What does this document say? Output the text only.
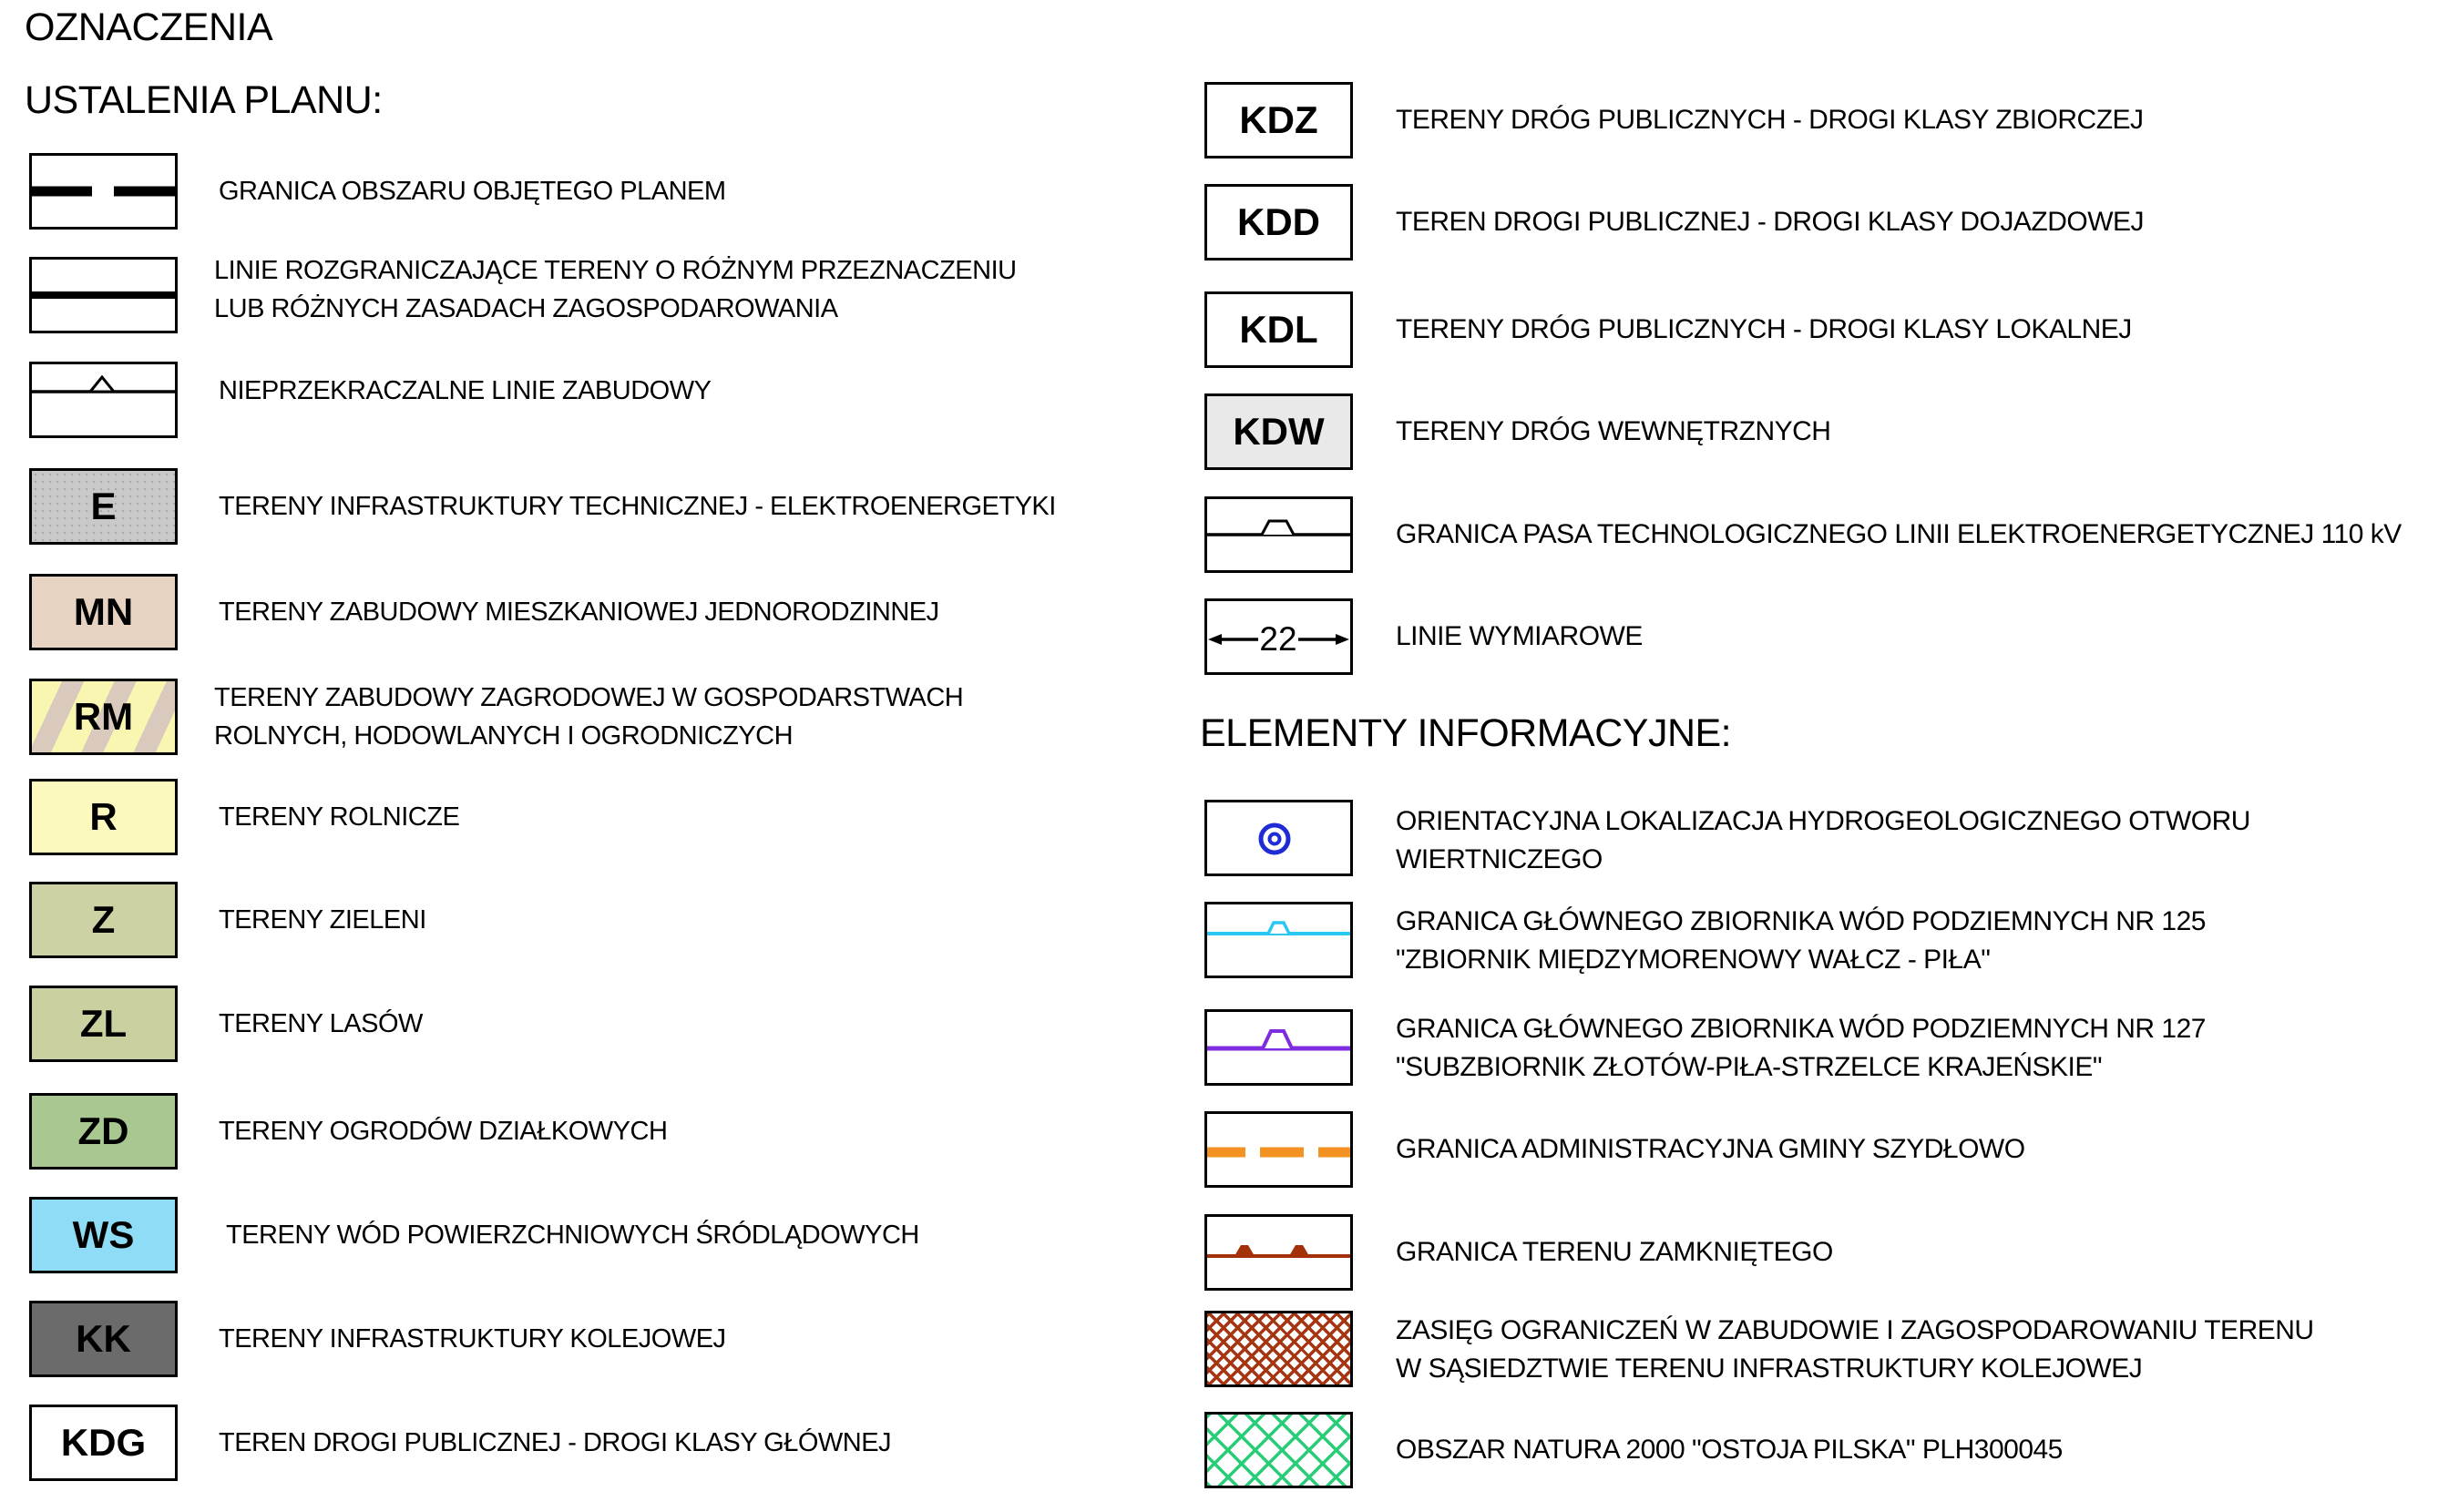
OZNACZENIA
USTALENIA PLANU:
GRANICA OBSZARU OBJĘTEGO PLANEM
LINIE ROZGRANICZAJĄCE TERENY O RÓŻNYM PRZEZNACZENIU
LUB RÓŻNYCH ZASADACH ZAGOSPODAROWANIA
NIEPRZEKRACZALNE LINIE ZABUDOWY
E	TERENY INFRASTRUKTURY TECHNICZNEJ - ELEKTROENERGETYKI
MN	TERENY ZABUDOWY MIESZKANIOWEJ JEDNORODZINNEJ
RM	TERENY ZABUDOWY ZAGRODOWEJ W GOSPODARSTWACH
ROLNYCH, HODOWLANYCH I OGRODNICZYCH
R	TERENY ROLNICZE
Z	TERENY ZIELENI
ZL	TERENY LASÓW
ZD	TERENY OGRODÓW DZIAŁKOWYCH
WS	TERENY WÓD POWIERZCHNIOWYCH ŚRÓDLĄDOWYCH
KK	TERENY INFRASTRUKTURY KOLEJOWEJ
KDG	TEREN DROGI PUBLICZNEJ - DROGI KLASY GŁÓWNEJ
KDZ	TERENY DRÓG PUBLICZNYCH - DROGI KLASY ZBIORCZEJ
KDD	TEREN DROGI PUBLICZNEJ - DROGI KLASY DOJAZDOWEJ
KDL	TERENY DRÓG PUBLICZNYCH - DROGI KLASY LOKALNEJ
KDW	TERENY DRÓG WEWNĘTRZNYCH
GRANICA PASA TECHNOLOGICZNEGO LINII ELEKTROENERGETYCZNEJ 110 kV
22	LINIE WYMIAROWE
ELEMENTY INFORMACYJNE:
ORIENTACYJNA LOKALIZACJA HYDROGEOLOGICZNEGO OTWORU
WIERTNICZEGO
GRANICA GŁÓWNEGO ZBIORNIKA WÓD PODZIEMNYCH NR 125
"ZBIORNIK MIĘDZYMORENOWY WAŁCZ - PIŁA"
GRANICA GŁÓWNEGO ZBIORNIKA WÓD PODZIEMNYCH NR 127
"SUBZBIORNIK ZŁOTÓW-PIŁA-STRZELCE KRAJEŃSKIE"
GRANICA ADMINISTRACYJNA GMINY SZYDŁOWO
GRANICA TERENU ZAMKNIĘTEGO
ZASIĘG OGRANICZEŃ W ZABUDOWIE I ZAGOSPODAROWANIU TERENU
W SĄSIEDZTWIE TERENU INFRASTRUKTURY KOLEJOWEJ
OBSZAR NATURA 2000 "OSTOJA PILSKA" PLH300045
